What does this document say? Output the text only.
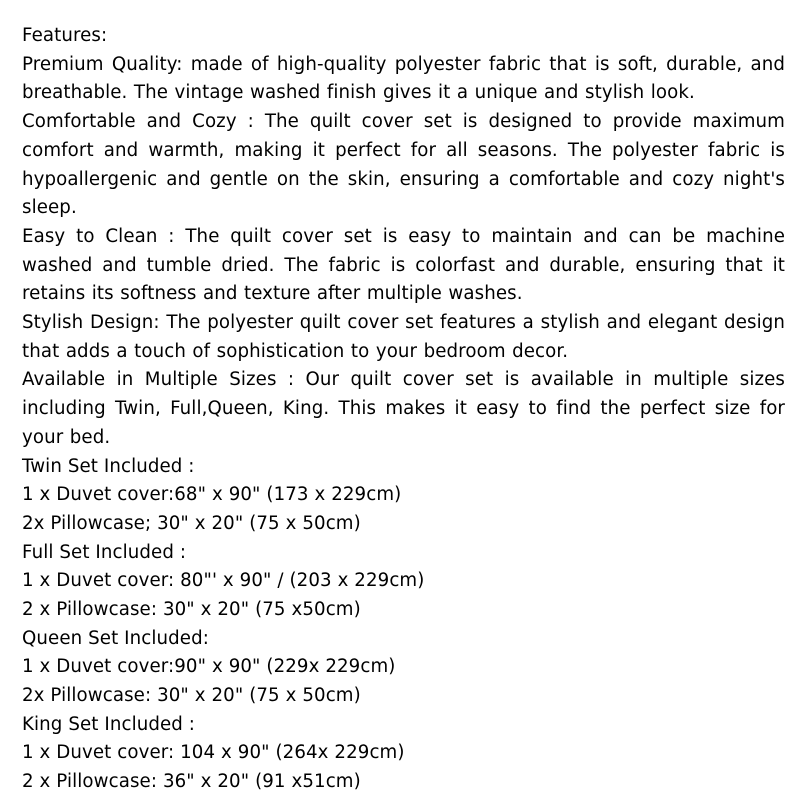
Features:
Premium Quality: made of high-quality polyester fabric that is soft, durable, and breathable. The vintage washed finish gives it a unique and stylish look.
Comfortable and Cozy : The quilt cover set is designed to provide maximum comfort and warmth, making it perfect for all seasons. The polyester fabric is hypoallergenic and gentle on the skin, ensuring a comfortable and cozy night's sleep.
Easy to Clean : The quilt cover set is easy to maintain and can be machine washed and tumble dried. The fabric is colorfast and durable, ensuring that it retains its softness and texture after multiple washes.
Stylish Design: The polyester quilt cover set features a stylish and elegant design that adds a touch of sophistication to your bedroom decor.
Available in Multiple Sizes : Our quilt cover set is available in multiple sizes including Twin, Full,Queen, King. This makes it easy to find the perfect size for your bed.
Twin Set Included :
1 x Duvet cover:68" x 90" (173 x 229cm)
2x Pillowcase; 30" x 20" (75 x 50cm)
Full Set Included :
1 x Duvet cover: 80"' x 90" / (203 x 229cm)
2 x Pillowcase: 30" x 20" (75 x50cm)
Queen Set Included:
1 x Duvet cover:90" x 90" (229x 229cm)
2x Pillowcase: 30" x 20" (75 x 50cm)
King Set Included :
1 x Duvet cover: 104 x 90" (264x 229cm)
2 x Pillowcase: 36" x 20" (91 x51cm)
